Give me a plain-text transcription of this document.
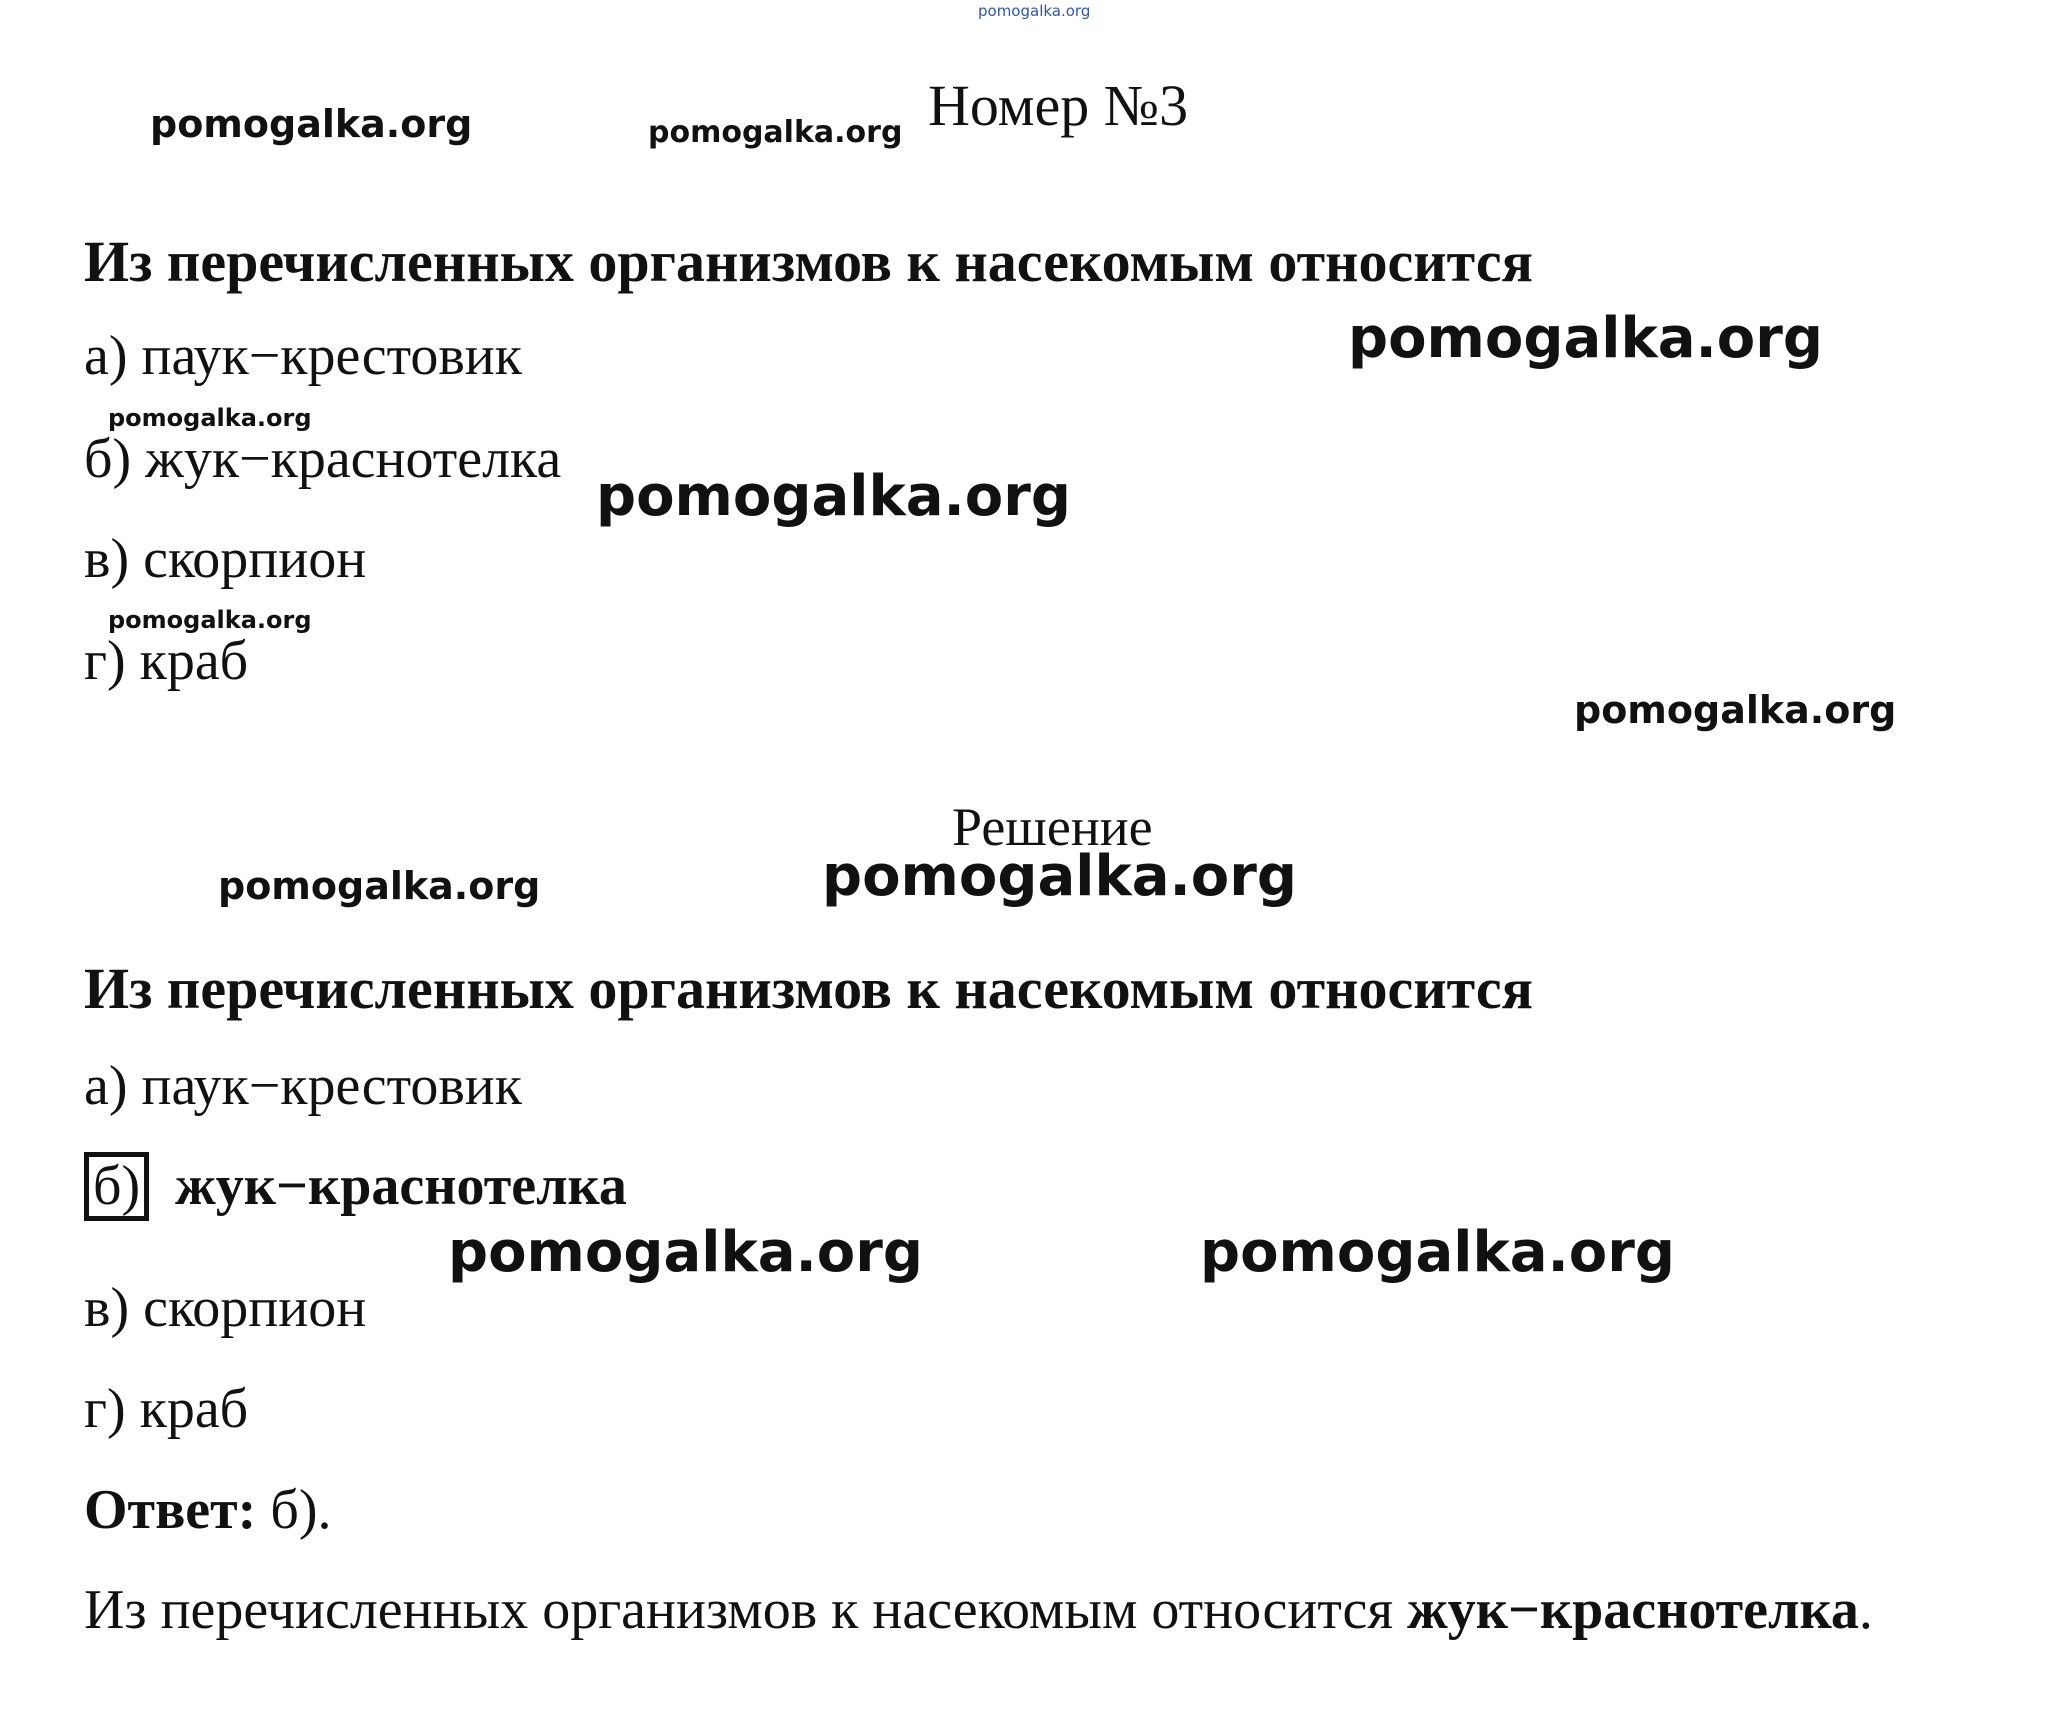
pomogalka.org
pomogalka.org	pomogalka.org Номер №3
Из перечисленных организмов к насекомым относится
pomogalka.org
а) паук−крестовик
pomogalka.org
б) жук−краснотелка
pomogalka.org
в) скорпион
pomogalka.org
г) краб
pomogalka.org
Решение
pomogalka.org	pomogalka.org
Из перечисленных организмов к насекомым относится
а) паук−крестовик
б) жук−краснотелка
pomogalka.org	pomogalka.org
в) скорпион
г) краб
Ответ: б).
Из перечисленных организмов к насекомым относится жук−краснотелка.
